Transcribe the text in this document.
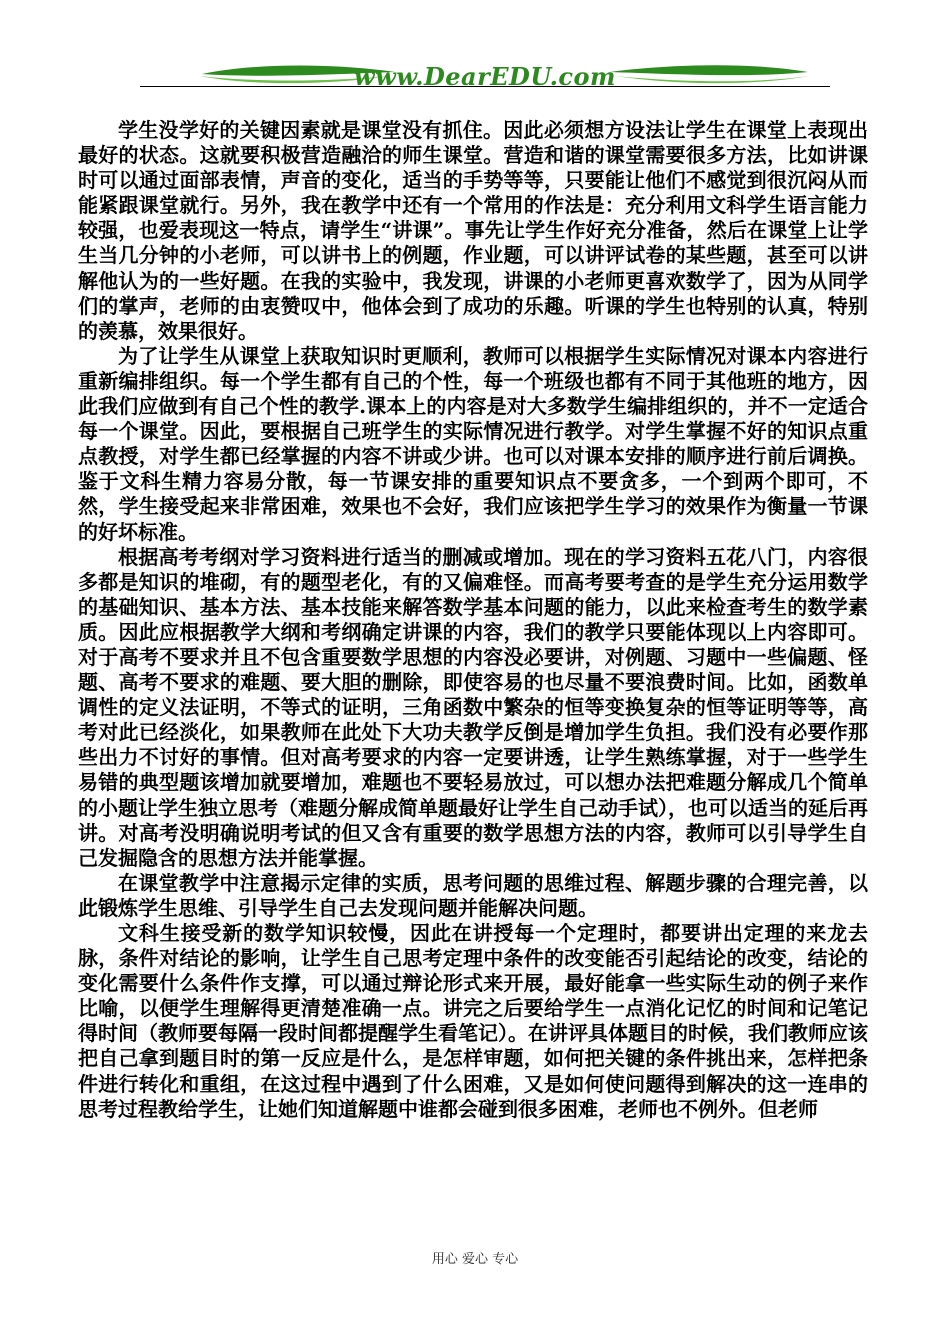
www.DearEDU.com

学生没学好的关键因素就是课堂没有抓住。因此必须想方设法让学生在课堂上表现出最好的状态。这就要积极营造融洽的师生课堂。营造和谐的课堂需要很多方法，比如讲课时可以通过面部表情，声音的变化，适当的手势等等，只要能让他们不感觉到很沉闷从而能紧跟课堂就行。另外，我在教学中还有一个常用的作法是：充分利用文科学生语言能力较强，也爱表现这一特点，请学生“讲课”。事先让学生作好充分准备，然后在课堂上让学生当几分钟的小老师，可以讲书上的例题，作业题，可以讲评试卷的某些题，甚至可以讲解他认为的一些好题。在我的实验中，我发现，讲课的小老师更喜欢数学了，因为从同学们的掌声，老师的由衷赞叹中，他体会到了成功的乐趣。听课的学生也特别的认真，特别的羡慕，效果很好。

为了让学生从课堂上获取知识时更顺利，教师可以根据学生实际情况对课本内容进行重新编排组织。每一个学生都有自己的个性，每一个班级也都有不同于其他班的地方，因此我们应做到有自己个性的教学.课本上的内容是对大多数学生编排组织的，并不一定适合每一个课堂。因此，要根据自己班学生的实际情况进行教学。对学生掌握不好的知识点重点教授，对学生都已经掌握的内容不讲或少讲。也可以对课本安排的顺序进行前后调换。鉴于文科生精力容易分散，每一节课安排的重要知识点不要贪多，一个到两个即可，不然，学生接受起来非常困难，效果也不会好，我们应该把学生学习的效果作为衡量一节课的好坏标准。

根据高考考纲对学习资料进行适当的删减或增加。现在的学习资料五花八门，内容很多都是知识的堆砌，有的题型老化，有的又偏难怪。而高考要考查的是学生充分运用数学的基础知识、基本方法、基本技能来解答数学基本问题的能力，以此来检查考生的数学素质。因此应根据教学大纲和考纲确定讲课的内容，我们的教学只要能体现以上内容即可。对于高考不要求并且不包含重要数学思想的内容没必要讲，对例题、习题中一些偏题、怪题、高考不要求的难题、要大胆的删除，即使容易的也尽量不要浪费时间。比如，函数单调性的定义法证明，不等式的证明，三角函数中繁杂的恒等变换复杂的恒等证明等等，高考对此已经淡化，如果教师在此处下大功夫教学反倒是增加学生负担。我们没有必要作那些出力不讨好的事情。但对高考要求的内容一定要讲透，让学生熟练掌握，对于一些学生易错的典型题该增加就要增加，难题也不要轻易放过，可以想办法把难题分解成几个简单的小题让学生独立思考（难题分解成简单题最好让学生自己动手试），也可以适当的延后再讲。对高考没明确说明考试的但又含有重要的数学思想方法的内容，教师可以引导学生自己发掘隐含的思想方法并能掌握。

在课堂教学中注意揭示定律的实质，思考问题的思维过程、解题步骤的合理完善，以此锻炼学生思维、引导学生自己去发现问题并能解决问题。

文科生接受新的数学知识较慢，因此在讲授每一个定理时，都要讲出定理的来龙去脉，条件对结论的影响，让学生自己思考定理中条件的改变能否引起结论的改变，结论的变化需要什么条件作支撑，可以通过辩论形式来开展，最好能拿一些实际生动的例子来作比喻，以便学生理解得更清楚准确一点。讲完之后要给学生一点消化记忆的时间和记笔记得时间（教师要每隔一段时间都提醒学生看笔记）。在讲评具体题目的时候，我们教师应该把自己拿到题目时的第一反应是什么，是怎样审题，如何把关键的条件挑出来，怎样把条件进行转化和重组，在这过程中遇到了什么困难，又是如何使问题得到解决的这一连串的思考过程教给学生，让她们知道解题中谁都会碰到很多困难，老师也不例外。但老师

用心 爱心 专心
